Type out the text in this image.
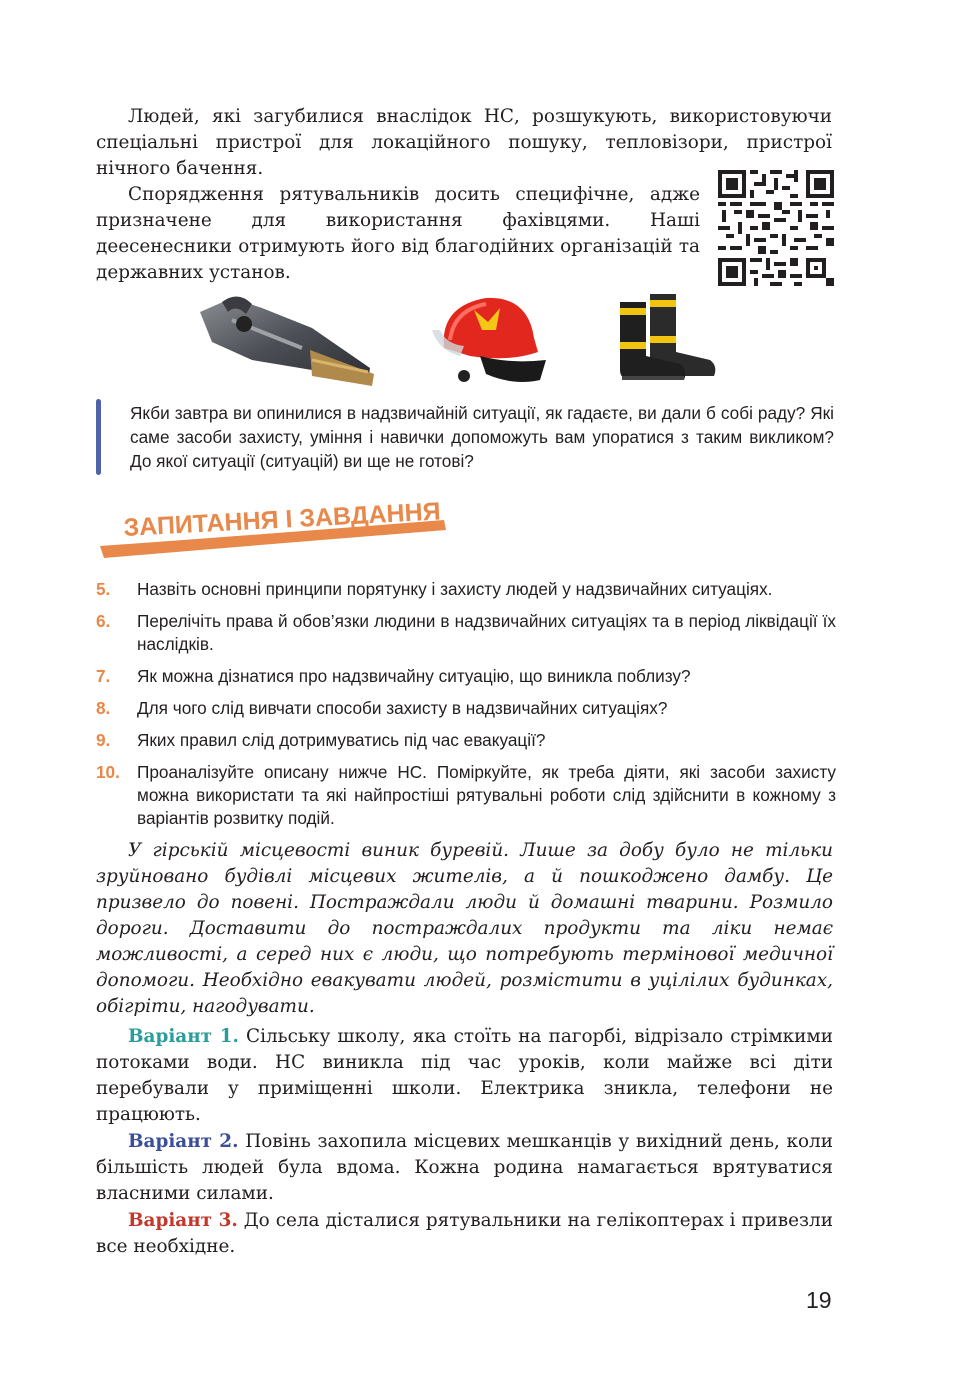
Людей, які загубилися внаслідок НС, розшукують, використовуючи спеціальні пристрої для локаційного пошуку, тепловізори, пристрої нічного бачення.

Спорядження рятувальників досить специфічне, адже призначене для використання фахівцями. Наші деесенесники отримують його від благодійних організацій та державних установ.

Якби завтра ви опинилися в надзвичайній ситуації, як гадаєте, ви дали б собі раду? Які саме засоби захисту, уміння і навички допоможуть вам упоратися з таким викликом? До якої ситуації (ситуацій) ви ще не готові?

ЗАПИТАННЯ І ЗАВДАННЯ
5. Назвіть основні принципи порятунку і захисту людей у надзвичайних ситуаціях.
6. Перелічіть права й обов’язки людини в надзвичайних ситуаціях та в період ліквідації їх наслідків.
7. Як можна дізнатися про надзвичайну ситуацію, що виникла поблизу?
8. Для чого слід вивчати способи захисту в надзвичайних ситуаціях?
9. Яких правил слід дотримуватись під час евакуації?
10. Проаналізуйте описану нижче НС. Поміркуйте, як треба діяти, які засоби захисту можна використати та які найпростіші рятувальні роботи слід здійснити в кожному з варіантів розвитку подій.

У гірській місцевості виник буревій. Лише за добу було не тільки зруйновано будівлі місцевих жителів, а й пошкоджено дамбу. Це призвело до повені. Постраждали люди й домашні тварини. Розмило дороги. Доставити до постраждалих продукти та ліки немає можливості, а серед них є люди, що потребують термінової медичної допомоги. Необхідно евакувати людей, розмістити в уцілілих будинках, обігріти, нагодувати.

Варіант 1. Сільську школу, яка стоїть на пагорбі, відрізало стрімкими потоками води. НС виникла під час уроків, коли майже всі діти перебували у приміщенні школи. Електрика зникла, телефони не працюють.

Варіант 2. Повінь захопила місцевих мешканців у вихідний день, коли більшість людей була вдома. Кожна родина намагається врятуватися власними силами.

Варіант 3. До села дісталися рятувальники на гелікоптерах і привезли все необхідне.

19
